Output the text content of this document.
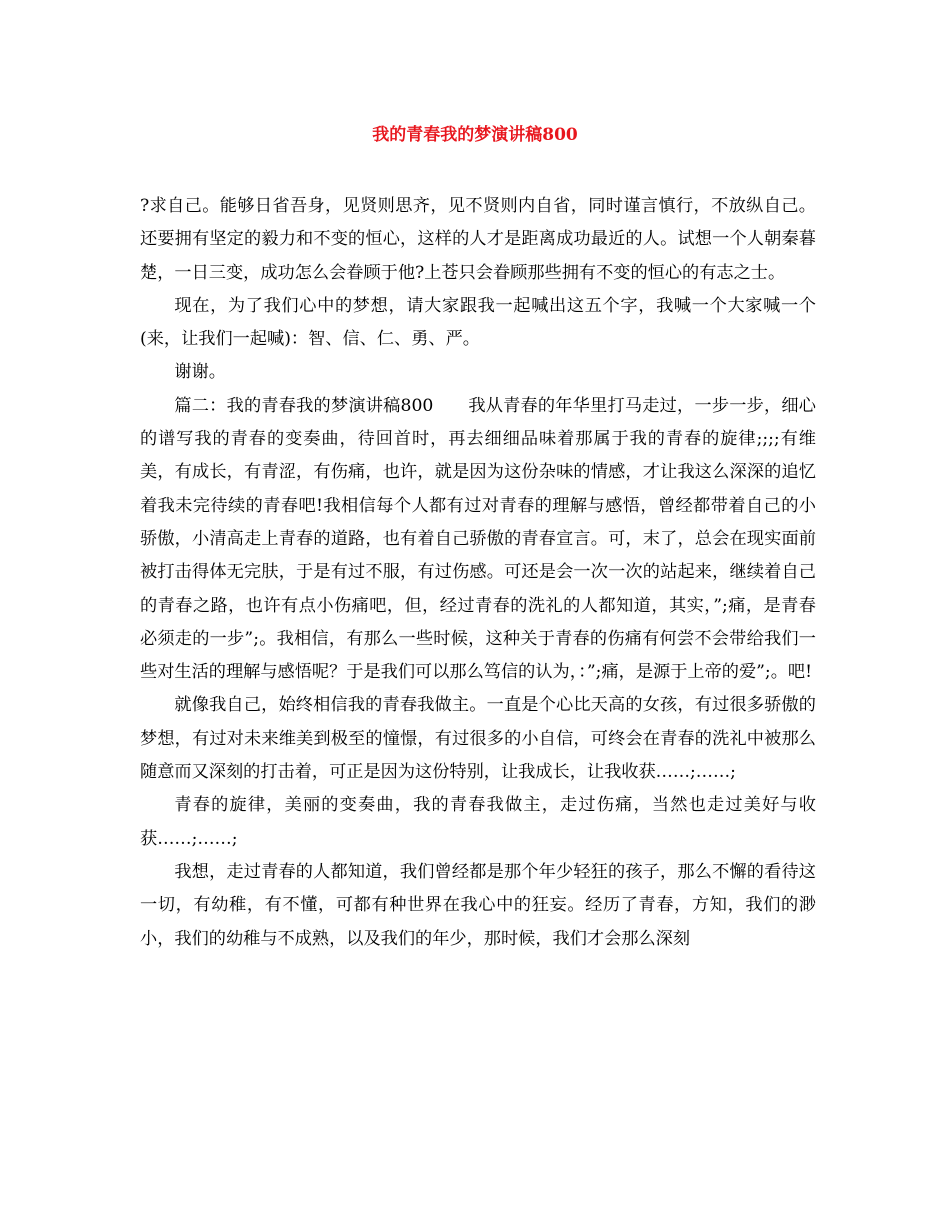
我的青春我的梦演讲稿800

?求自己。能够日省吾身，见贤则思齐，见不贤则内自省，同时谨言慎行，不放纵自己。还要拥有坚定的毅力和不变的恒心，这样的人才是距离成功最近的人。试想一个人朝秦暮楚，一日三变，成功怎么会眷顾于他?上苍只会眷顾那些拥有不变的恒心的有志之士。

现在，为了我们心中的梦想，请大家跟我一起喊出这五个字，我喊一个大家喊一个(来，让我们一起喊)：智、信、仁、勇、严。

谢谢。

篇二：我的青春我的梦演讲稿800　　我从青春的年华里打马走过，一步一步，细心的谱写我的青春的变奏曲，待回首时，再去细细品味着那属于我的青春的旋律;;;;有维美，有成长，有青涩，有伤痛，也许，就是因为这份杂味的情感，才让我这么深深的追忆着我未完待续的青春吧!我相信每个人都有过对青春的理解与感悟，曾经都带着自己的小骄傲，小清高走上青春的道路，也有着自己骄傲的青春宣言。可，末了，总会在现实面前被打击得体无完肤，于是有过不服，有过伤感。可还是会一次一次的站起来，继续着自己的青春之路，也许有点小伤痛吧，但，经过青春的洗礼的人都知道，其实，”;痛，是青春必须走的一步”;。我相信，有那么一些时候，这种关于青春的伤痛有何尝不会带给我们一些对生活的理解与感悟呢？于是我们可以那么笃信的认为，：”;痛，是源于上帝的爱”;。吧!

就像我自己，始终相信我的青春我做主。一直是个心比天高的女孩，有过很多骄傲的梦想，有过对未来维美到极至的憧憬，有过很多的小自信，可终会在青春的洗礼中被那么随意而又深刻的打击着，可正是因为这份特别，让我成长，让我收获……;……;

青春的旋律，美丽的变奏曲，我的青春我做主，走过伤痛，当然也走过美好与收获……;……;

我想，走过青春的人都知道，我们曾经都是那个年少轻狂的孩子，那么不懈的看待这一切，有幼稚，有不懂，可都有种世界在我心中的狂妄。经历了青春，方知，我们的渺小，我们的幼稚与不成熟，以及我们的年少，那时候，我们才会那么深刻
